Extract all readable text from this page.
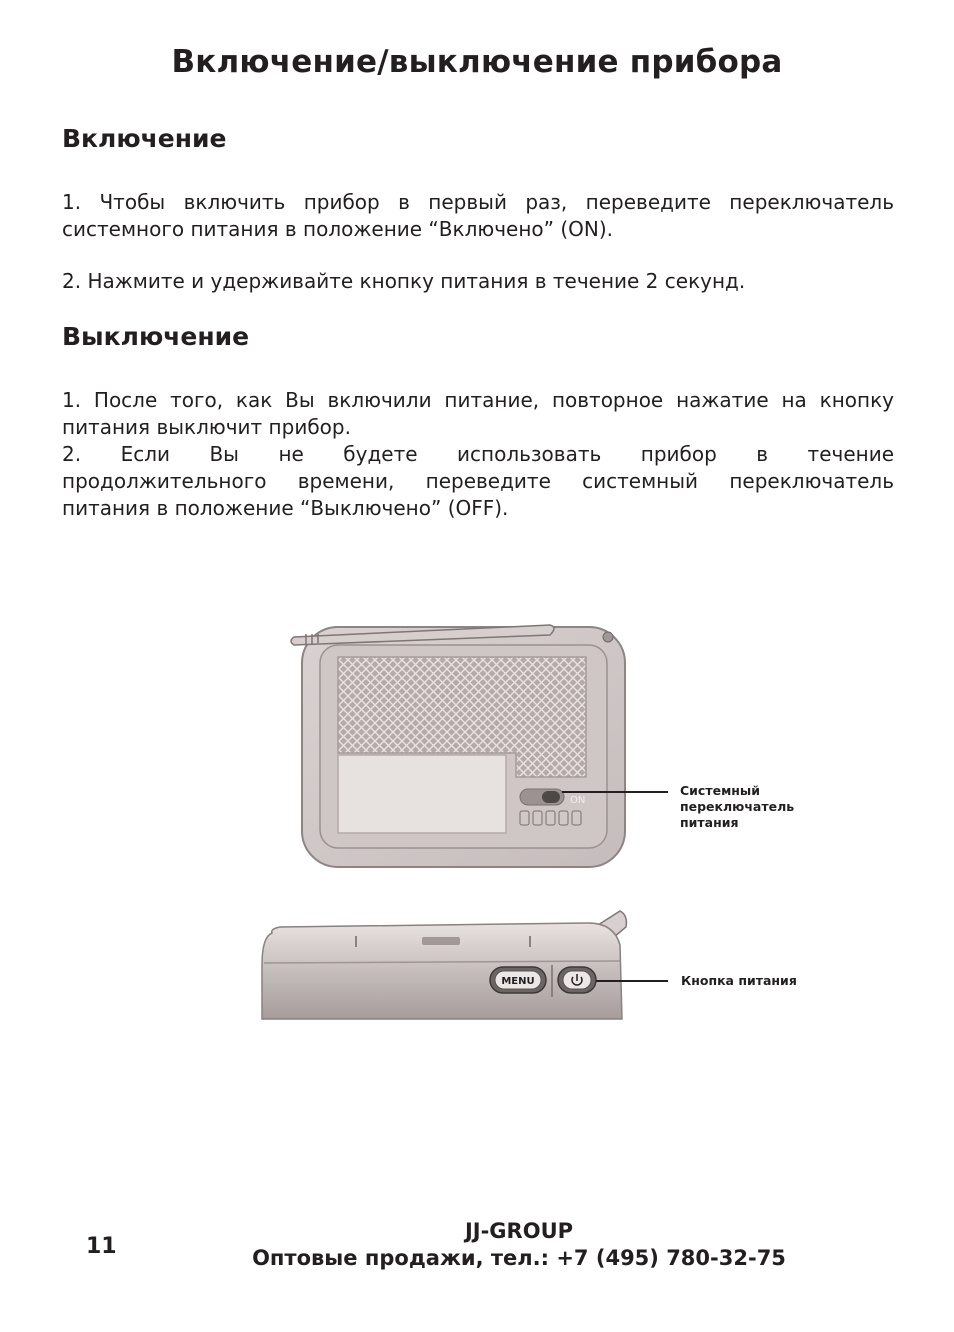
Включение/выключение прибора
Включение

1. Чтобы включить прибор в первый раз, переведите переключатель системного питания в положение “Включено” (ON).

2. Нажмите и удерживайте кнопку питания в течение 2 секунд.

Выключение

1. После того, как Вы включили питание, повторное нажатие на кнопку питания выключит прибор.

2. Если Вы не будете использовать прибор в течение

продолжительного времени, переведите системный переключатель

питания в положение “Выключено” (OFF).

ON
MENU
Системный
переключатель
питания
Кнопка питания
11
JJ-GROUP
Оптовые продажи, тел.: +7 (495) 780-32-75
